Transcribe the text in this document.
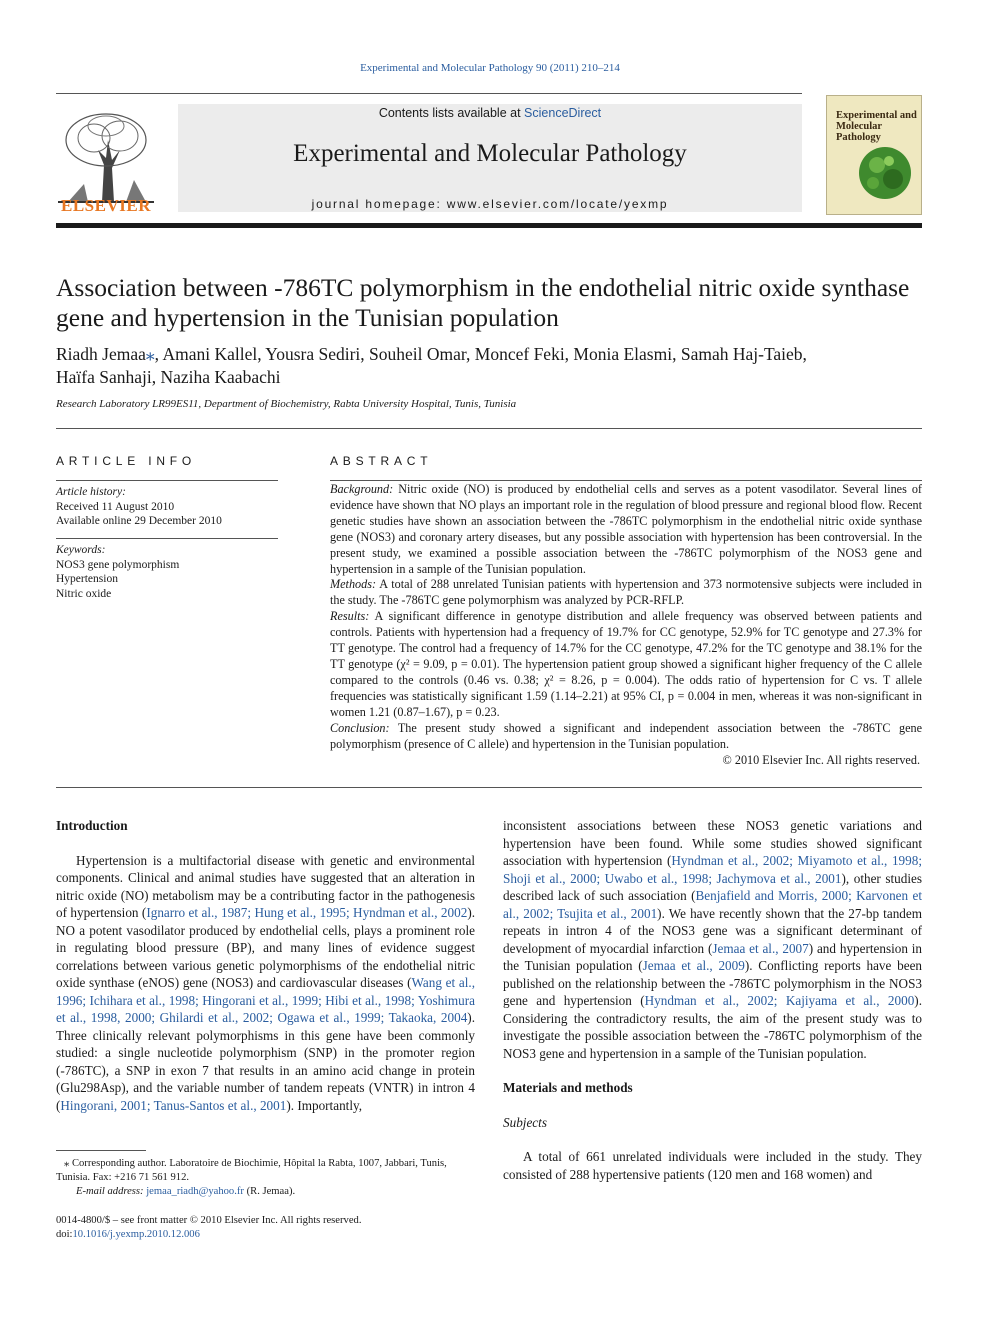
Experimental and Molecular Pathology 90 (2011) 210–214
ELSEVIER
Contents lists available at ScienceDirect
Experimental and Molecular Pathology
journal homepage: www.elsevier.com/locate/yexmp
Experimental and Molecular Pathology
Association between -786TC polymorphism in the endothelial nitric oxide synthase gene and hypertension in the Tunisian population
Riadh Jemaa⁎, Amani Kallel, Yousra Sediri, Souheil Omar, Moncef Feki, Monia Elasmi, Samah Haj-Taieb,
Haïfa Sanhaji, Naziha Kaabachi
Research Laboratory LR99ES11, Department of Biochemistry, Rabta University Hospital, Tunis, Tunisia
ARTICLE INFO
Article history:
Received 11 August 2010
Available online 29 December 2010
Keywords:
NOS3 gene polymorphism
Hypertension
Nitric oxide
ABSTRACT

Background: Nitric oxide (NO) is produced by endothelial cells and serves as a potent vasodilator. Several lines of evidence have shown that NO plays an important role in the regulation of blood pressure and regional blood flow. Recent genetic studies have shown an association between the -786TC polymorphism in the endothelial nitric oxide synthase gene (NOS3) and coronary artery diseases, but any possible association with hypertension has been controversial. In the present study, we examined a possible association between the -786TC polymorphism of the NOS3 gene and hypertension in a sample of the Tunisian population.

Methods: A total of 288 unrelated Tunisian patients with hypertension and 373 normotensive subjects were included in the study. The -786TC gene polymorphism was analyzed by PCR-RFLP.

Results: A significant difference in genotype distribution and allele frequency was observed between patients and controls. Patients with hypertension had a frequency of 19.7% for CC genotype, 52.9% for TC genotype and 27.3% for TT genotype. The control had a frequency of 14.7% for the CC genotype, 47.2% for the TC genotype and 38.1% for the TT genotype (χ² = 9.09, p = 0.01). The hypertension patient group showed a significant higher frequency of the C allele compared to the controls (0.46 vs. 0.38; χ² = 8.26, p = 0.004). The odds ratio of hypertension for C vs. T allele frequencies was statistically significant 1.59 (1.14–2.21) at 95% CI, p = 0.004 in men, whereas it was non-significant in women 1.21 (0.87–1.67), p = 0.23.

Conclusion: The present study showed a significant and independent association between the -786TC gene polymorphism (presence of C allele) and hypertension in the Tunisian population.

© 2010 Elsevier Inc. All rights reserved.

Introduction

Hypertension is a multifactorial disease with genetic and environmental components. Clinical and animal studies have suggested that an alteration in nitric oxide (NO) metabolism may be a contributing factor in the pathogenesis of hypertension (Ignarro et al., 1987; Hung et al., 1995; Hyndman et al., 2002). NO a potent vasodilator produced by endothelial cells, plays a prominent role in regulating blood pressure (BP), and many lines of evidence suggest correlations between various genetic polymorphisms of the endothelial nitric oxide synthase (eNOS) gene (NOS3) and cardiovascular diseases (Wang et al., 1996; Ichihara et al., 1998; Hingorani et al., 1999; Hibi et al., 1998; Yoshimura et al., 1998, 2000; Ghilardi et al., 2002; Ogawa et al., 1999; Takaoka, 2004). Three clinically relevant polymorphisms in this gene have been commonly studied: a single nucleotide polymorphism (SNP) in the promoter region (-786TC), a SNP in exon 7 that results in an amino acid change in protein (Glu298Asp), and the variable number of tandem repeats (VNTR) in intron 4 (Hingorani, 2001; Tanus-Santos et al., 2001). Importantly,

inconsistent associations between these NOS3 genetic variations and hypertension have been found. While some studies showed significant association with hypertension (Hyndman et al., 2002; Miyamoto et al., 1998; Shoji et al., 2000; Uwabo et al., 1998; Jachymova et al., 2001), other studies described lack of such association (Benjafield and Morris, 2000; Karvonen et al., 2002; Tsujita et al., 2001). We have recently shown that the 27-bp tandem repeats in intron 4 of the NOS3 gene was a significant determinant of development of myocardial infarction (Jemaa et al., 2007) and hypertension in the Tunisian population (Jemaa et al., 2009). Conflicting reports have been published on the relationship between the -786TC polymorphism in the NOS3 gene and hypertension (Hyndman et al., 2002; Kajiyama et al., 2000). Considering the contradictory results, the aim of the present study was to investigate the possible association between the -786TC polymorphism of the NOS3 gene and hypertension in a sample of the Tunisian population.

Materials and methods

Subjects

A total of 661 unrelated individuals were included in the study. They consisted of 288 hypertensive patients (120 men and 168 women) and

⁎ Corresponding author. Laboratoire de Biochimie, Hôpital la Rabta, 1007, Jabbari, Tunis, Tunisia. Fax: +216 71 561 912.
E-mail address: jemaa_riadh@yahoo.fr (R. Jemaa).
0014-4800/$ – see front matter © 2010 Elsevier Inc. All rights reserved.
doi:10.1016/j.yexmp.2010.12.006
